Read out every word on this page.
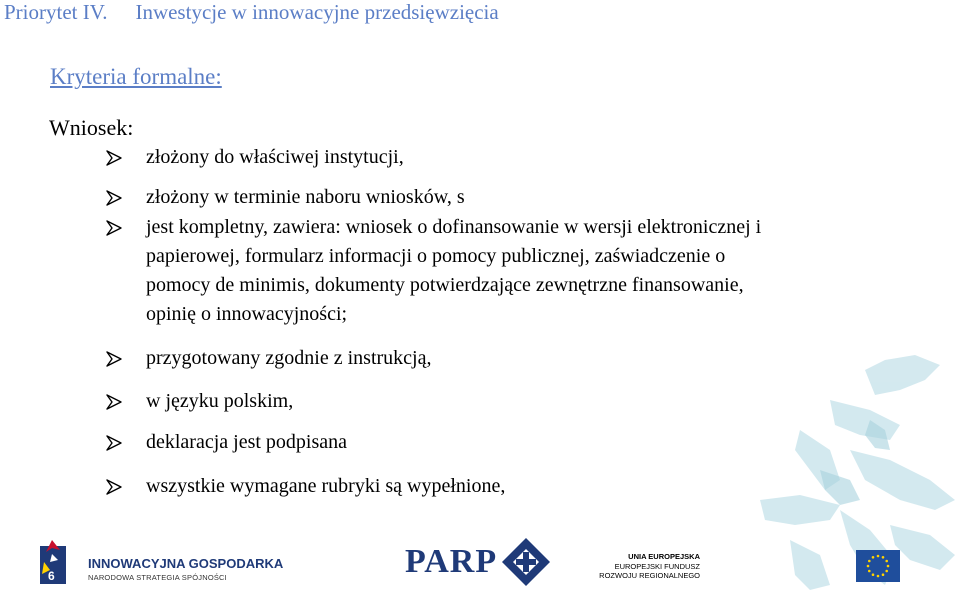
Priorytet IV. Inwestycje w innowacyjne przedsięwzięcia
Kryteria formalne:
Wniosek:
złożony do właściwej instytucji,
złożony w terminie naboru wniosków, s
jest kompletny, zawiera: wniosek o dofinansowanie w wersji elektronicznej i
papierowej, formularz informacji o pomocy publicznej, zaświadczenie o
pomocy de minimis, dokumenty potwierdzające zewnętrzne finansowanie,
opinię o innowacyjności;
przygotowany zgodnie z instrukcją,
w języku polskim,
deklaracja jest podpisana
wszystkie wymagane rubryki są wypełnione,
6
INNOWACYJNA GOSPODARKA
NARODOWA STRATEGIA SPÓJNOŚCI	PARP	UNIA EUROPEJSKA
EUROPEJSKI FUNDUSZ
ROZWOJU REGIONALNEGO
